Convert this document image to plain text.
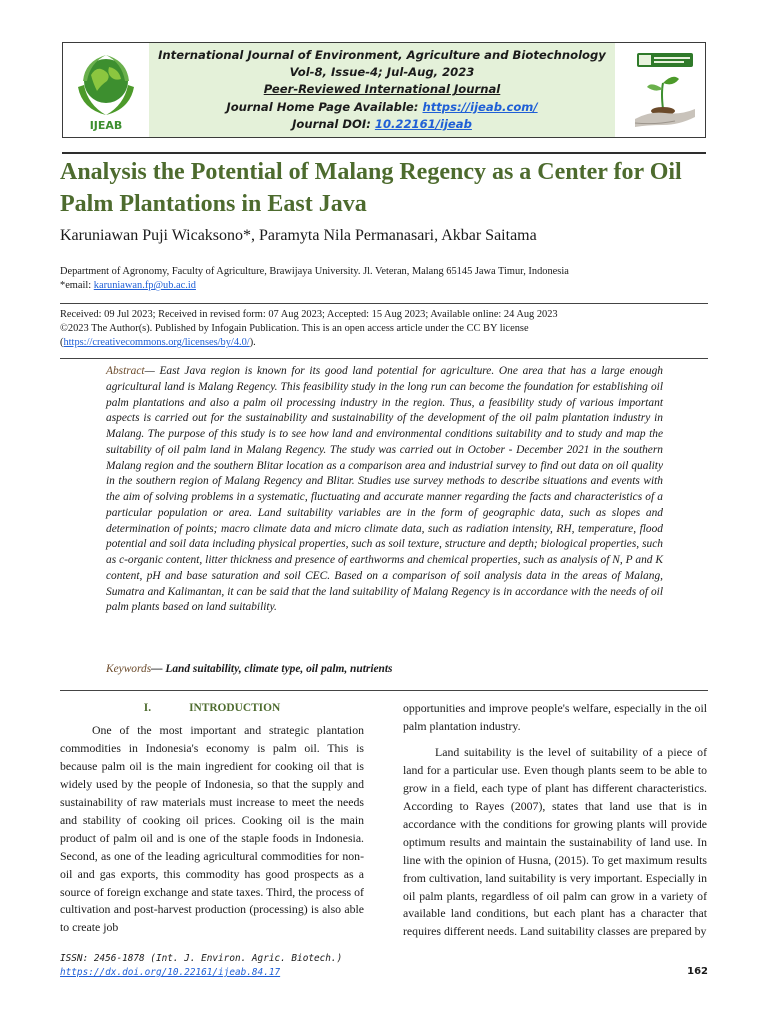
IJEAB
International Journal of Environment, Agriculture and Biotechnology
Vol-8, Issue-4; Jul-Aug, 2023
Peer-Reviewed International Journal
Journal Home Page Available: https://ijeab.com/
Journal DOI: 10.22161/ijeab
Analysis the Potential of Malang Regency as a Center for Oil Palm Plantations in East Java

Karuniawan Puji Wicaksono*, Paramyta Nila Permanasari, Akbar Saitama

Department of Agronomy, Faculty of Agriculture, Brawijaya University. Jl. Veteran, Malang 65145 Jawa Timur, Indonesia
*email: karuniawan.fp@ub.ac.id
Received: 09 Jul 2023; Received in revised form: 07 Aug 2023; Accepted: 15 Aug 2023; Available online: 24 Aug 2023
©2023 The Author(s). Published by Infogain Publication. This is an open access article under the CC BY license
(https://creativecommons.org/licenses/by/4.0/).
Abstract— East Java region is known for its good land potential for agriculture. One area that has a large enough agricultural land is Malang Regency. This feasibility study in the long run can become the foundation for establishing oil palm plantations and also a palm oil processing industry in the region. Thus, a feasibility study of various important aspects is carried out for the sustainability and sustainability of the development of the oil palm plantation industry in Malang. The purpose of this study is to see how land and environmental conditions suitability and to study and map the suitability of oil palm land in Malang Regency. The study was carried out in October - December 2021 in the southern Malang region and the southern Blitar location as a comparison area and industrial survey to find out data on oil quality in the southern region of Malang Regency and Blitar. Studies use survey methods to describe situations and events with the aim of solving problems in a systematic, fluctuating and accurate manner regarding the facts and characteristics of a particular population or area. Land suitability variables are in the form of geographic data, such as slopes and determination of points; macro climate data and micro climate data, such as radiation intensity, RH, temperature, flood potential and soil data including physical properties, such as soil texture, structure and depth; biological properties, such as c-organic content, litter thickness and presence of earthworms and chemical properties, such as analysis of N, P and K content, pH and base saturation and soil CEC. Based on a comparison of soil analysis data in the areas of Malang, Sumatra and Kalimantan, it can be said that the land suitability of Malang Regency is in accordance with the needs of oil palm plants based on land suitability.
Keywords— Land suitability, climate type, oil palm, nutrients

I.	INTRODUCTION

One of the most important and strategic plantation commodities in Indonesia's economy is palm oil. This is because palm oil is the main ingredient for cooking oil that is widely used by the people of Indonesia, so that the supply and sustainability of raw materials must increase to meet the needs and stability of cooking oil prices. Cooking oil is the main product of palm oil and is one of the staple foods in Indonesia. Second, as one of the leading agricultural commodities for non-oil and gas exports, this commodity has good prospects as a source of foreign exchange and state taxes. Third, the process of cultivation and post-harvest production (processing) is also able to create job

opportunities and improve people's welfare, especially in the oil palm plantation industry.

Land suitability is the level of suitability of a piece of land for a particular use. Even though plants seem to be able to grow in a field, each type of plant has different characteristics. According to Rayes (2007), states that land use that is in accordance with the conditions for growing plants will provide optimum results and maintain the sustainability of land use. In line with the opinion of Husna, (2015). To get maximum results from cultivation, land suitability is very important. Especially in oil palm plants, regardless of oil palm can grow in a variety of available land conditions, but each plant has a character that requires different needs. Land suitability classes are prepared by

ISSN: 2456-1878 (Int. J. Environ. Agric. Biotech.)
https://dx.doi.org/10.22161/ijeab.84.17	162
